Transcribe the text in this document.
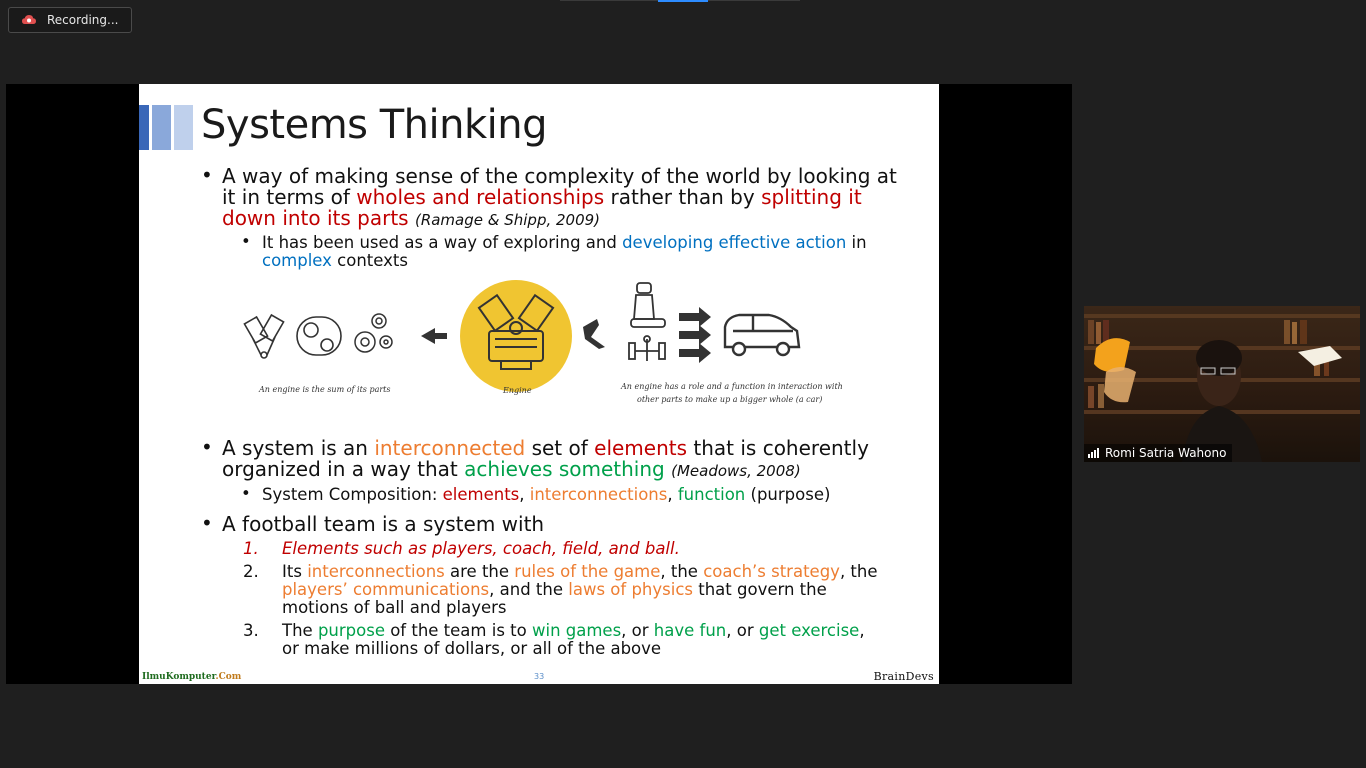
Recording...
Systems Thinking
• A way of making sense of the complexity of the world by looking at
it in terms of wholes and relationships rather than by splitting it
down into its parts (Ramage & Shipp, 2009)
• It has been used as a way of exploring and developing effective action in
complex contexts
An engine is the sum of its parts	Engine	An engine has a role and a function in interaction with
other parts to make up a bigger whole (a car)
• A system is an interconnected set of elements that is coherently
organized in a way that achieves something (Meadows, 2008)
• System Composition: elements, interconnections, function (purpose)
• A football team is a system with
1. Elements such as players, coach, field, and ball.
2. Its interconnections are the rules of the game, the coach’s strategy, the
players’ communications, and the laws of physics that govern the
motions of ball and players
3. The purpose of the team is to win games, or have fun, or get exercise,
or make millions of dollars, or all of the above
IlmuKomputer.Com	33	BrainDevs
Romi Satria Wahono
